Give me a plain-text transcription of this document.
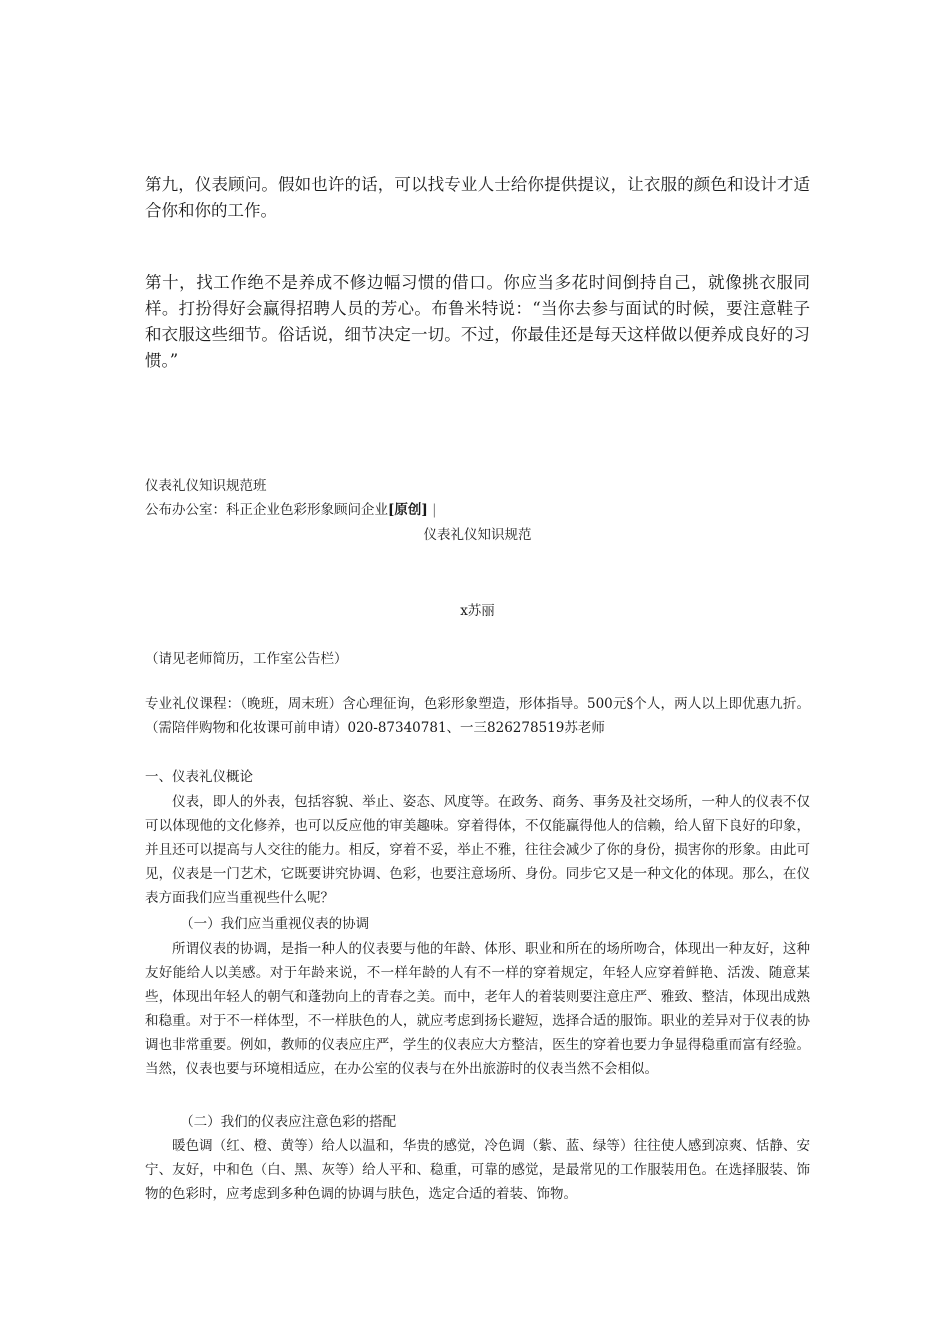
第九，仪表顾问。假如也许的话，可以找专业人士给你提供提议，让衣服的颜色和设计才适合你和你的工作。

第十，找工作绝不是养成不修边幅习惯的借口。你应当多花时间倒持自己，就像挑衣服同样。打扮得好会赢得招聘人员的芳心。布鲁米特说：“当你去参与面试的时候，要注意鞋子和衣服这些细节。俗话说，细节决定一切。不过，你最佳还是每天这样做以便养成良好的习惯。”

仪表礼仪知识规范班

公布办公室：科正企业色彩形象顾问企业[原创] |

仪表礼仪知识规范

x苏丽

（请见老师简历，工作室公告栏）

专业礼仪课程：（晚班，周末班）含心理征询，色彩形象塑造，形体指导。500元§个人，两人以上即优惠九折。（需陪伴购物和化妆课可前申请）020-87340781、一三826278519苏老师

一、仪表礼仪概论

仪表，即人的外表，包括容貌、举止、姿态、风度等。在政务、商务、事务及社交场所，一种人的仪表不仅可以体现他的文化修养，也可以反应他的审美趣味。穿着得体，不仅能赢得他人的信赖，给人留下良好的印象，并且还可以提高与人交往的能力。相反，穿着不妥，举止不雅，往往会减少了你的身份，损害你的形象。由此可见，仪表是一门艺术，它既要讲究协调、色彩，也要注意场所、身份。同步它又是一种文化的体现。那么，在仪表方面我们应当重视些什么呢？

（一）我们应当重视仪表的协调

所谓仪表的协调，是指一种人的仪表要与他的年龄、体形、职业和所在的场所吻合，体现出一种友好，这种友好能给人以美感。对于年龄来说，不一样年龄的人有不一样的穿着规定，年轻人应穿着鲜艳、活泼、随意某些，体现出年轻人的朝气和蓬勃向上的青春之美。而中，老年人的着装则要注意庄严、雅致、整洁，体现出成熟和稳重。对于不一样体型，不一样肤色的人，就应考虑到扬长避短，选择合适的服饰。职业的差异对于仪表的协调也非常重要。例如，教师的仪表应庄严，学生的仪表应大方整洁，医生的穿着也要力争显得稳重而富有经验。当然，仪表也要与环境相适应，在办公室的仪表与在外出旅游时的仪表当然不会相似。

（二）我们的仪表应注意色彩的搭配

暖色调（红、橙、黄等）给人以温和，华贵的感觉，冷色调（紫、蓝、绿等）往往使人感到凉爽、恬静、安宁、友好，中和色（白、黑、灰等）给人平和、稳重，可靠的感觉，是最常见的工作服装用色。在选择服装、饰物的色彩时，应考虑到多种色调的协调与肤色，选定合适的着装、饰物。
